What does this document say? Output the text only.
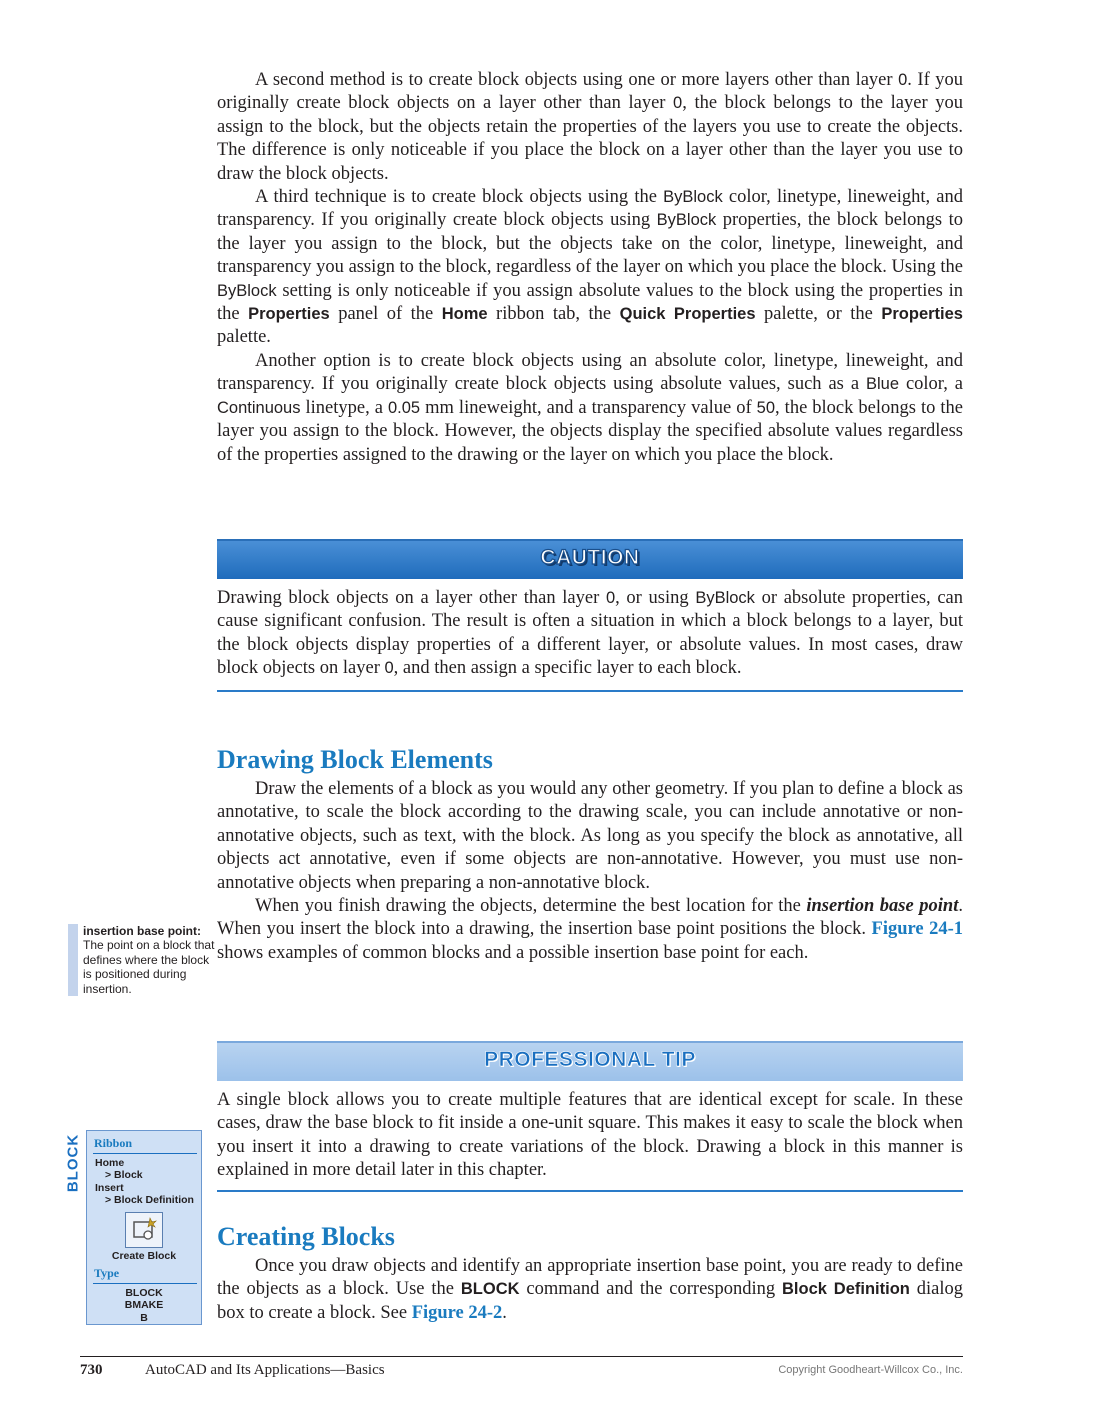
A second method is to create block objects using one or more layers other than layer 0. If you originally create block objects on a layer other than layer 0, the block belongs to the layer you assign to the block, but the objects retain the properties of the layers you use to create the objects. The difference is only noticeable if you place the block on a layer other than the layer you use to draw the block objects.

A third technique is to create block objects using the ByBlock color, linetype, lineweight, and transparency. If you originally create block objects using ByBlock properties, the block belongs to the layer you assign to the block, but the objects take on the color, linetype, lineweight, and transparency you assign to the block, regardless of the layer on which you place the block. Using the ByBlock setting is only noticeable if you assign absolute values to the block using the properties in the Properties panel of the Home ribbon tab, the Quick Properties palette, or the Properties palette.

Another option is to create block objects using an absolute color, linetype, lineweight, and transparency. If you originally create block objects using absolute values, such as a Blue color, a Continuous linetype, a 0.05 mm lineweight, and a transparency value of 50, the block belongs to the layer you assign to the block. However, the objects display the specified absolute values regardless of the properties assigned to the drawing or the layer on which you place the block.

CAUTION

Drawing block objects on a layer other than layer 0, or using ByBlock or absolute properties, can cause significant confusion. The result is often a situation in which a block belongs to a layer, but the block objects display properties of a different layer, or absolute values. In most cases, draw block objects on layer 0, and then assign a specific layer to each block.

Drawing Block Elements

Draw the elements of a block as you would any other geometry. If you plan to define a block as annotative, to scale the block according to the drawing scale, you can include annotative or non-annotative objects, such as text, with the block. As long as you specify the block as annotative, all objects act annotative, even if some objects are non-annotative. However, you must use non-annotative objects when preparing a non-annotative block.

When you finish drawing the objects, determine the best location for the insertion base point. When you insert the block into a drawing, the insertion base point positions the block. Figure 24-1 shows examples of common blocks and a possible insertion base point for each.

insertion base point: The point on a block that defines where the block is positioned during insertion.
PROFESSIONAL TIP

A single block allows you to create multiple features that are identical except for scale. In these cases, draw the base block to fit inside a one-unit square. This makes it easy to scale the block when you insert it into a drawing to create variations of the block. Drawing a block in this manner is explained in more detail later in this chapter.

Creating Blocks

Once you draw objects and identify an appropriate insertion base point, you are ready to define the objects as a block. Use the BLOCK command and the corresponding Block Definition dialog box to create a block. See Figure 24-2.

BLOCK	Ribbon
Home
> Block
Insert
> Block Definition
Create Block
Type
BLOCK
BMAKE
B
730	AutoCAD and Its Applications—Basics	Copyright Goodheart-Willcox Co., Inc.
